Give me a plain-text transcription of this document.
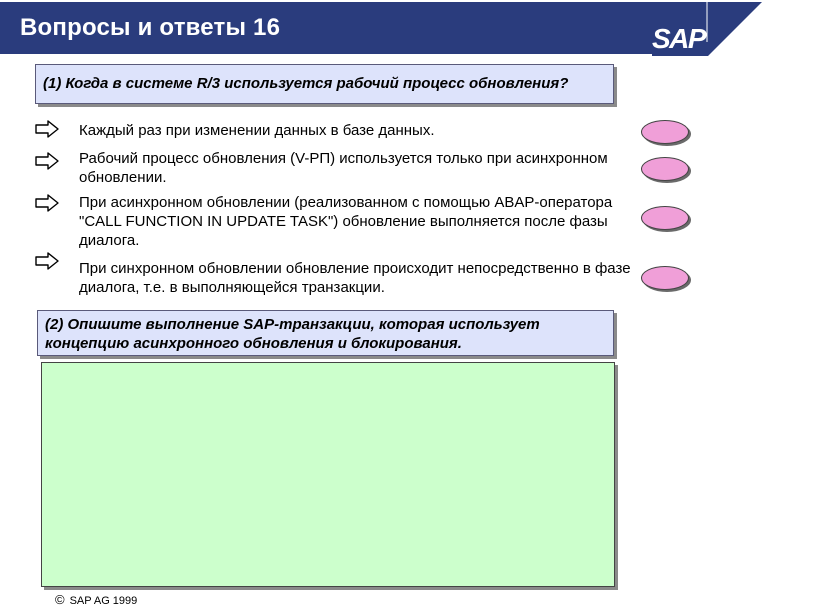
Вопросы и ответы 16	SAP
(1) Когда в системе R/3 используется рабочий процесс обновления?
Каждый раз при изменении данных в базе данных.
Рабочий процесс обновления (V-РП) используется только при асинхронном обновлении.
При асинхронном обновлении (реализованном с помощью ABAP-оператора "CALL FUNCTION IN UPDATE TASK") обновление выполняется после фазы диалога.
При синхронном обновлении обновление происходит непосредственно в фазе диалога, т.е. в выполняющейся транзакции.
(2) Опишите выполнение SAP-транзакции, которая использует концепцию асинхронного обновления и блокирования.
© SAP AG 1999
